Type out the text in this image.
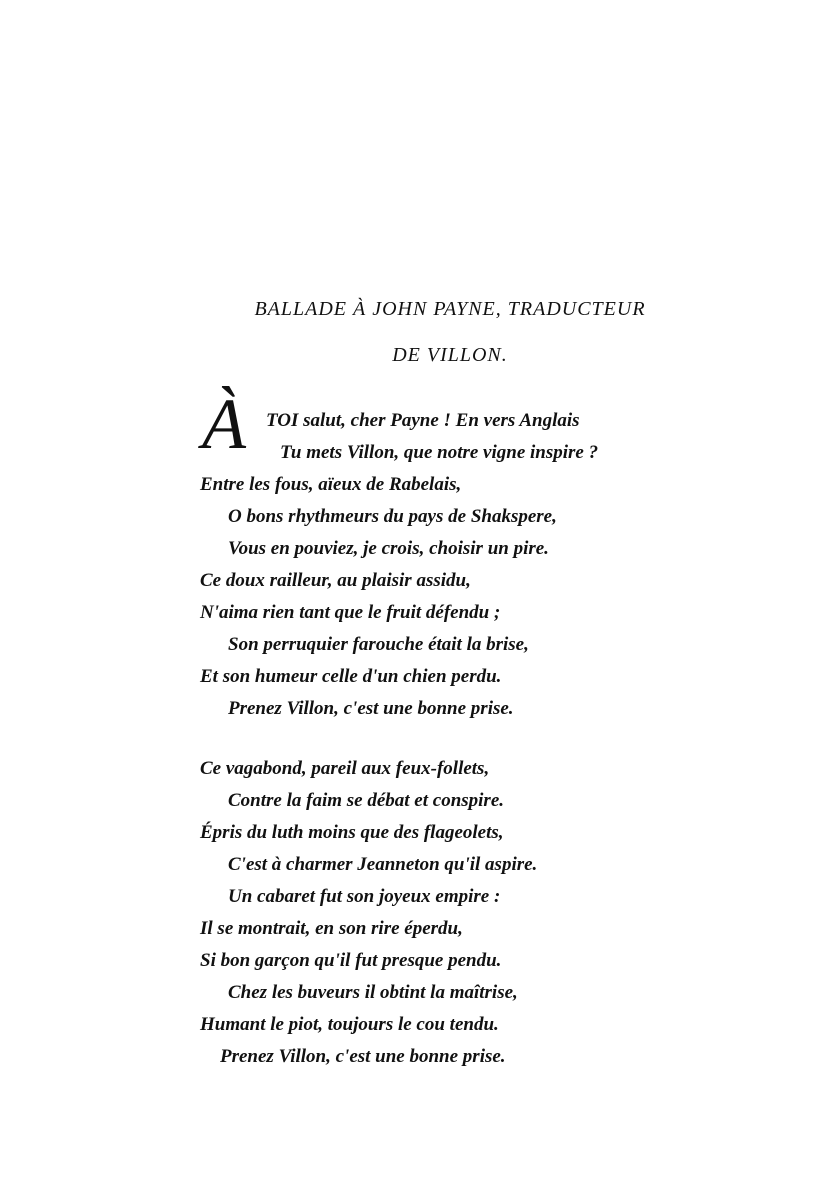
BALLADE À JOHN PAYNE, TRADUCTEUR
DE VILLON.
À TOI salut, cher Payne ! En vers Anglais
Tu mets Villon, que notre vigne inspire ?
Entre les fous, aïeux de Rabelais,
O bons rhythmeurs du pays de Shakspere,
Vous en pouviez, je crois, choisir un pire.
Ce doux railleur, au plaisir assidu,
N'aima rien tant que le fruit défendu ;
Son perruquier farouche était la brise,
Et son humeur celle d'un chien perdu.
Prenez Villon, c'est une bonne prise.
Ce vagabond, pareil aux feux-follets,
Contre la faim se débat et conspire.
Épris du luth moins que des flageolets,
C'est à charmer Jeanneton qu'il aspire.
Un cabaret fut son joyeux empire :
Il se montrait, en son rire éperdu,
Si bon garçon qu'il fut presque pendu.
Chez les buveurs il obtint la maîtrise,
Humant le piot, toujours le cou tendu.
Prenez Villon, c'est une bonne prise.
